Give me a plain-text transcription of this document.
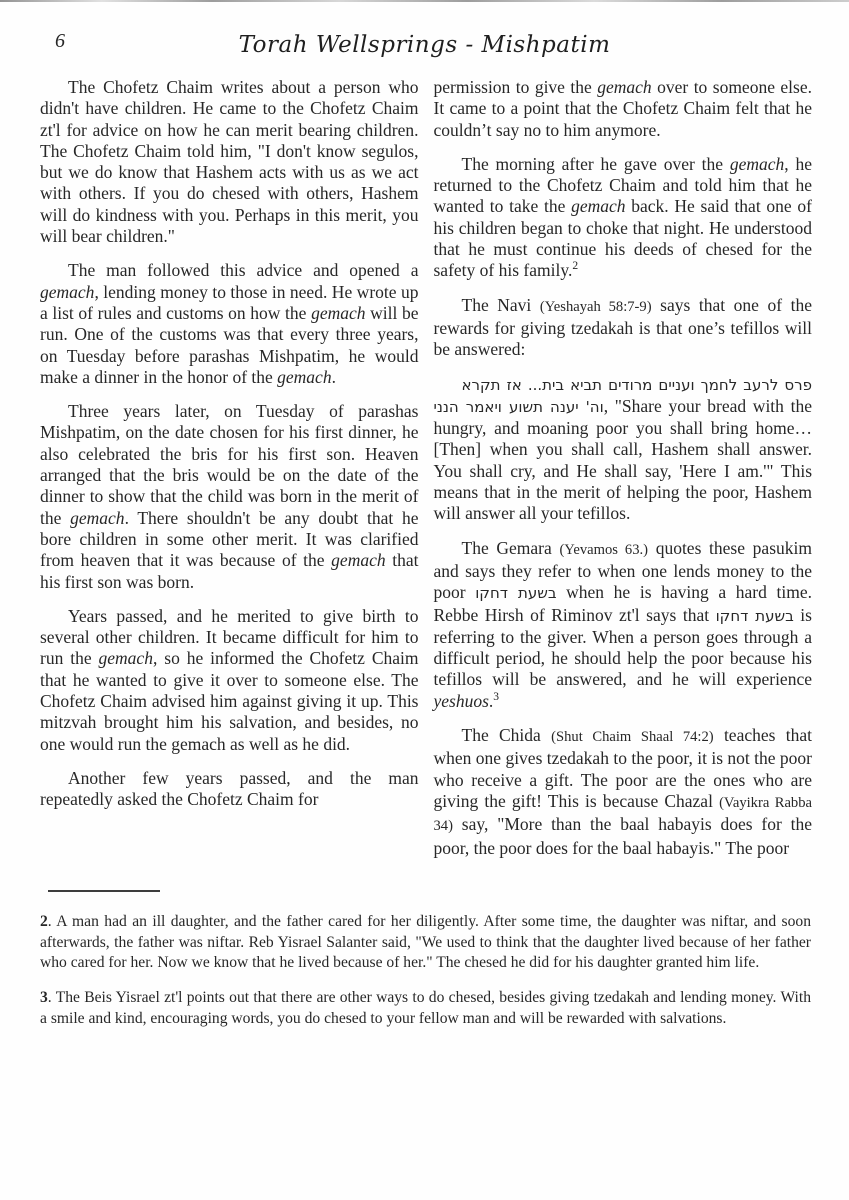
6	Torah Wellsprings - Mishpatim

The Chofetz Chaim writes about a person who didn't have children. He came to the Chofetz Chaim zt'l for advice on how he can merit bearing children. The Chofetz Chaim told him, "I don't know segulos, but we do know that Hashem acts with us as we act with others. If you do chesed with others, Hashem will do kindness with you. Perhaps in this merit, you will bear children."

The man followed this advice and opened a gemach, lending money to those in need. He wrote up a list of rules and customs on how the gemach will be run. One of the customs was that every three years, on Tuesday before parashas Mishpatim, he would make a dinner in the honor of the gemach.

Three years later, on Tuesday of parashas Mishpatim, on the date chosen for his first dinner, he also celebrated the bris for his first son. Heaven arranged that the bris would be on the date of the dinner to show that the child was born in the merit of the gemach. There shouldn't be any doubt that he bore children in some other merit. It was clarified from heaven that it was because of the gemach that his first son was born.

Years passed, and he merited to give birth to several other children. It became difficult for him to run the gemach, so he informed the Chofetz Chaim that he wanted to give it over to someone else. The Chofetz Chaim advised him against giving it up. This mitzvah brought him his salvation, and besides, no one would run the gemach as well as he did.

Another few years passed, and the man repeatedly asked the Chofetz Chaim for

permission to give the gemach over to someone else. It came to a point that the Chofetz Chaim felt that he couldn’t say no to him anymore.

The morning after he gave over the gemach, he returned to the Chofetz Chaim and told him that he wanted to take the gemach back. He said that one of his children began to choke that night. He understood that he must continue his deeds of chesed for the safety of his family.$^2$

The Navi (Yeshayah 58:7-9) says that one of the rewards for giving tzedakah is that one’s tefillos will be answered:

פרס לרעב לחמך ועניים מרודים תביא בית... אז תקרא וה' יענה תשוע ויאמר הנני, "Share your bread with the hungry, and moaning poor you shall bring home… [Then] when you shall call, Hashem shall answer. You shall cry, and He shall say, 'Here I am.'" This means that in the merit of helping the poor, Hashem will answer all your tefillos.

The Gemara (Yevamos 63.) quotes these pasukim and says they refer to when one lends money to the poor בשעת דחקו when he is having a hard time. Rebbe Hirsh of Riminov zt'l says that בשעת דחקו is referring to the giver. When a person goes through a difficult period, he should help the poor because his tefillos will be answered, and he will experience yeshuos.$^3$

The Chida (Shut Chaim Shaal 74:2) teaches that when one gives tzedakah to the poor, it is not the poor who receive a gift. The poor are the ones who are giving the gift! This is because Chazal (Vayikra Rabba 34) say, "More than the baal habayis does for the poor, the poor does for the baal habayis." The poor

2. A man had an ill daughter, and the father cared for her diligently. After some time, the daughter was niftar, and soon afterwards, the father was niftar. Reb Yisrael Salanter said, "We used to think that the daughter lived because of her father who cared for her. Now we know that he lived because of her." The chesed he did for his daughter granted him life.

3. The Beis Yisrael zt'l points out that there are other ways to do chesed, besides giving tzedakah and lending money. With a smile and kind, encouraging words, you do chesed to your fellow man and will be rewarded with salvations.
